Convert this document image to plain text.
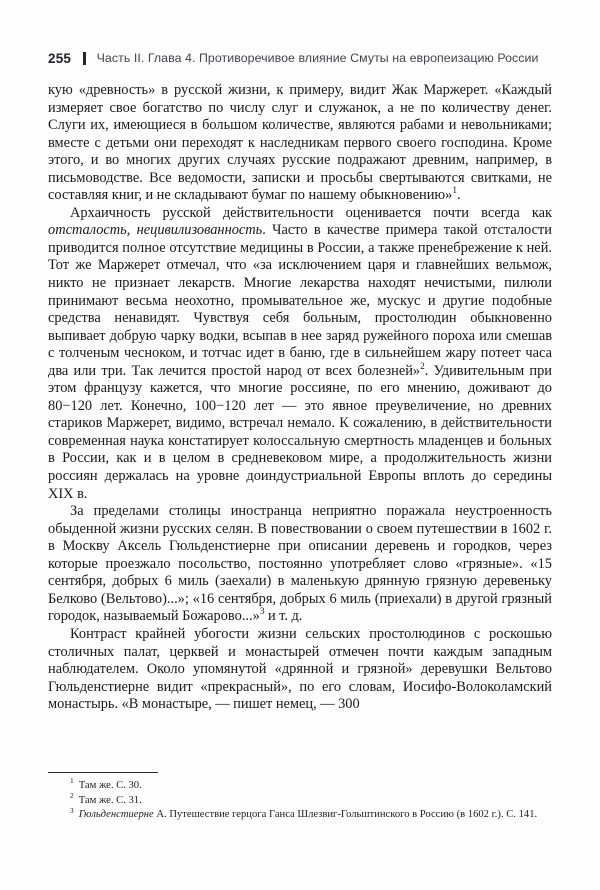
255 Часть II. Глава 4. Противоречивое влияние Смуты на европеизацию России

кую «древность» в русской жизни, к примеру, видит Жак Маржерет. «Каждый измеряет свое богатство по числу слуг и служанок, а не по количеству денег. Слуги их, имеющиеся в большом количестве, являются рабами и невольниками; вместе с детьми они переходят к наследникам первого своего господина. Кроме этого, и во многих других случаях русские подражают древним, например, в письмоводстве. Все ведомости, записки и просьбы свертываются свитками, не составляя книг, и не складывают бумаг по нашему обыкновению»$^1$.

Архаичность русской действительности оценивается почти всегда как отсталость, нецивилизованность. Часто в качестве примера такой отсталости приводится полное отсутствие медицины в России, а также пренебрежение к ней. Тот же Маржерет отмечал, что «за исключением царя и главнейших вельмож, никто не признает лекарств. Многие лекарства находят нечистыми, пилюли принимают весьма неохотно, промывательное же, мускус и другие подобные средства ненавидят. Чувствуя себя больным, простолюдин обыкновенно выпивает добрую чарку водки, всыпав в нее заряд ружейного пороха или смешав с толченым чесноком, и тотчас идет в баню, где в сильнейшем жару потеет часа два или три. Так лечится простой народ от всех болезней»$^2$. Удивительным при этом французу кажется, что многие россияне, по его мнению, доживают до 80−120 лет. Конечно, 100−120 лет — это явное преувеличение, но древних стариков Маржерет, видимо, встречал немало. К сожалению, в действительности современная наука констатирует колоссальную смертность младенцев и больных в России, как и в целом в средневековом мире, а продолжительность жизни россиян держалась на уровне доиндустриальной Европы вплоть до середины XIX в.

За пределами столицы иностранца неприятно поражала неустроенность обыденной жизни русских селян. В повествовании о своем путешествии в 1602 г. в Москву Аксель Гюльденстиерне при описании деревень и городков, через которые проезжало посольство, постоянно употребляет слово «грязные». «15 сентября, добрых 6 миль (заехали) в маленькую дрянную грязную деревеньку Белково (Вельтово)...»; «16 сентября, добрых 6 миль (приехали) в другой грязный городок, называемый Божарово...»$^3$ и т. д.

Контраст крайней убогости жизни сельских простолюдинов с роскошью столичных палат, церквей и монастырей отмечен почти каждым западным наблюдателем. Около упомянутой «дрянной и грязной» деревушки Вельтово Гюльденстиерне видит «прекрасный», по его словам, Иосифо-Волоколамский монастырь. «В монастыре, — пишет немец, — 300

$^1$ Там же. С. 30.

$^2$ Там же. С. 31.

$^3$ Гюльденстиерне А. Путешествие герцога Ганса Шлезвиг-Гольштинского в Россию (в 1602 г.). С. 141.
